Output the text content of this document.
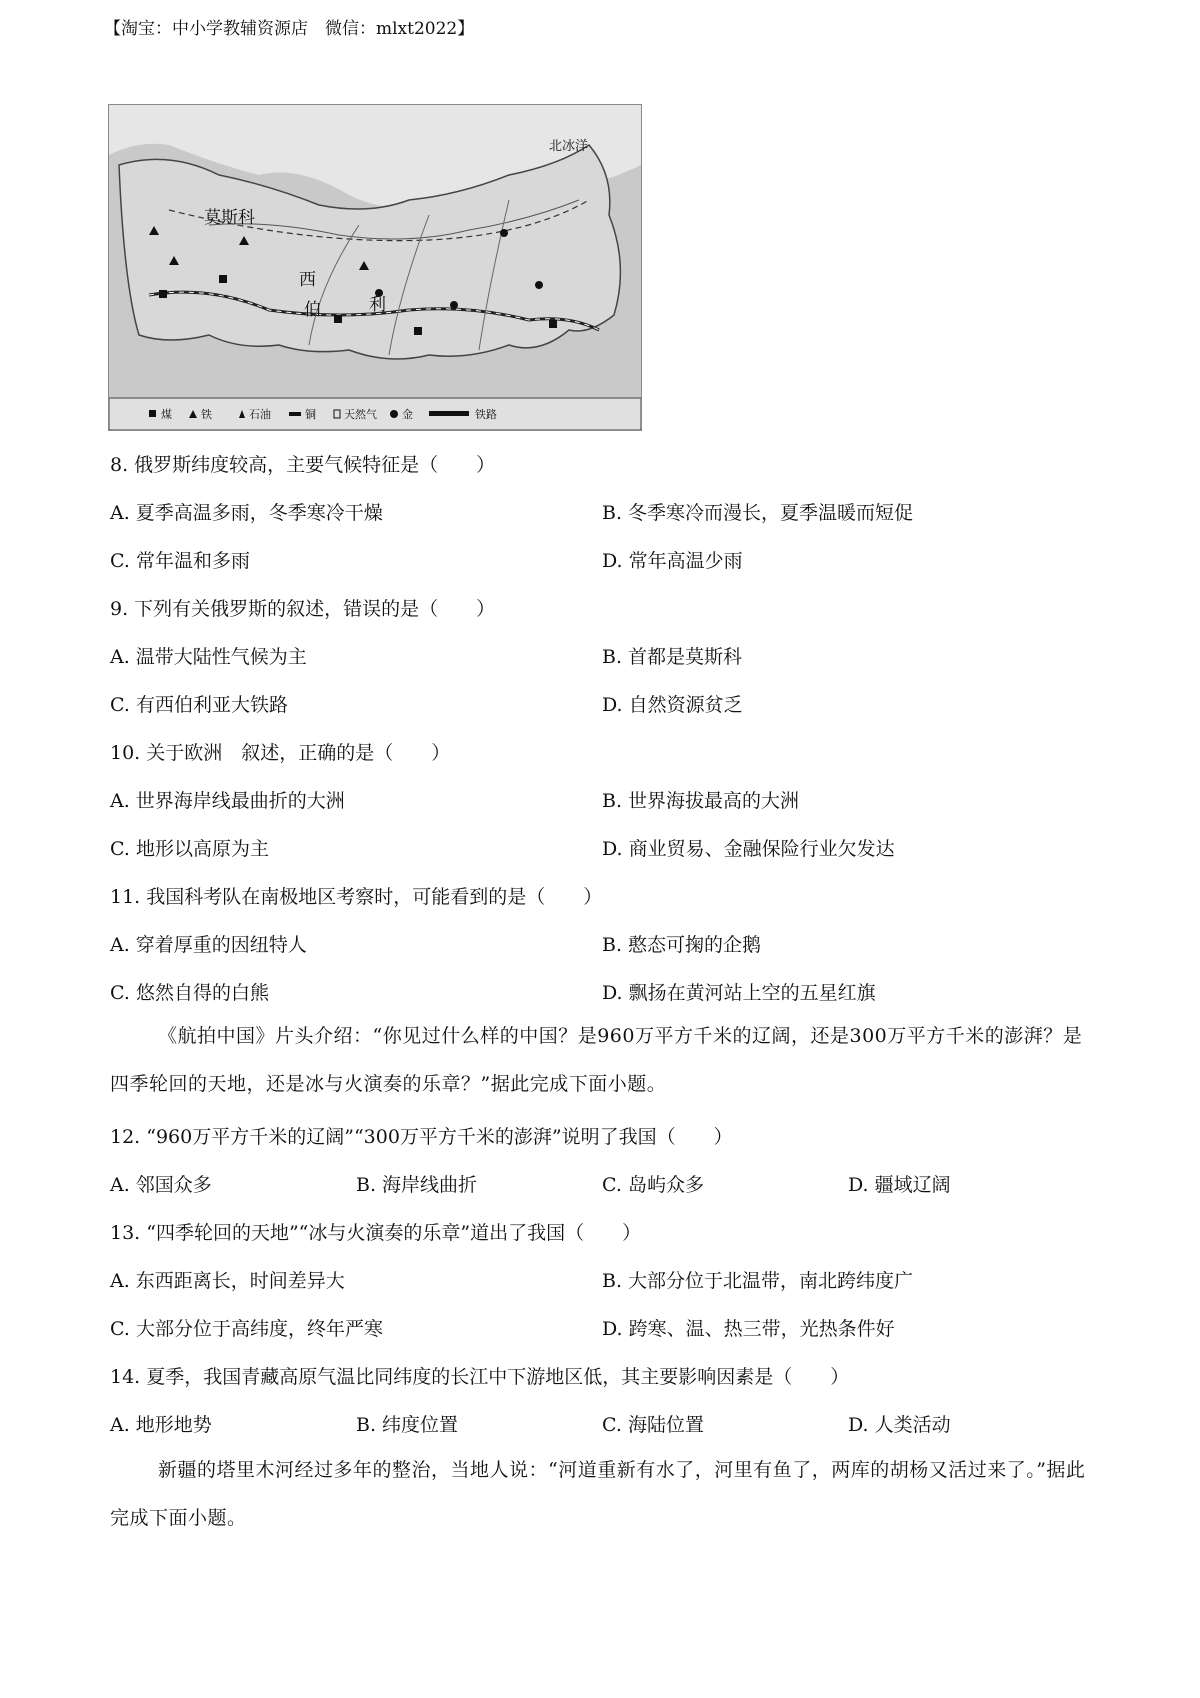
【淘宝：中小学教辅资源店　微信：mlxt2022】
莫斯科
西
伯	利
北冰洋
煤	铁	石油	铜	天然气 金	铁路
8. 俄罗斯纬度较高，主要气候特征是（　　）
A. 夏季高温多雨，冬季寒冷干燥	B. 冬季寒冷而漫长，夏季温暖而短促
C. 常年温和多雨	D. 常年高温少雨
9. 下列有关俄罗斯的叙述，错误的是（　　）
A. 温带大陆性气候为主	B. 首都是莫斯科
C. 有西伯利亚大铁路	D. 自然资源贫乏
10. 关于欧洲　叙述，正确的是（　　）
A. 世界海岸线最曲折的大洲	B. 世界海拔最高的大洲
C. 地形以高原为主	D. 商业贸易、金融保险行业欠发达
11. 我国科考队在南极地区考察时，可能看到的是（　　）
A. 穿着厚重的因纽特人	B. 憨态可掬的企鹅
C. 悠然自得的白熊	D. 飘扬在黄河站上空的五星红旗
《航拍中国》片头介绍：“你见过什么样的中国？是960万平方千米的辽阔，还是300万平方千米的澎湃？是四季轮回的天地，还是冰与火演奏的乐章？”据此完成下面小题。
12. “960万平方千米的辽阔”“300万平方千米的澎湃”说明了我国（　　）
A. 邻国众多	B. 海岸线曲折	C. 岛屿众多	D. 疆域辽阔
13. “四季轮回的天地”“冰与火演奏的乐章”道出了我国（　　）
A. 东西距离长，时间差异大	B. 大部分位于北温带，南北跨纬度广
C. 大部分位于高纬度，终年严寒	D. 跨寒、温、热三带，光热条件好
14. 夏季，我国青藏高原气温比同纬度的长江中下游地区低，其主要影响因素是（　　）
A. 地形地势	B. 纬度位置	C. 海陆位置	D. 人类活动
新疆的塔里木河经过多年的整治，当地人说：“河道重新有水了，河里有鱼了，两库的胡杨又活过来了。”据此完成下面小题。
